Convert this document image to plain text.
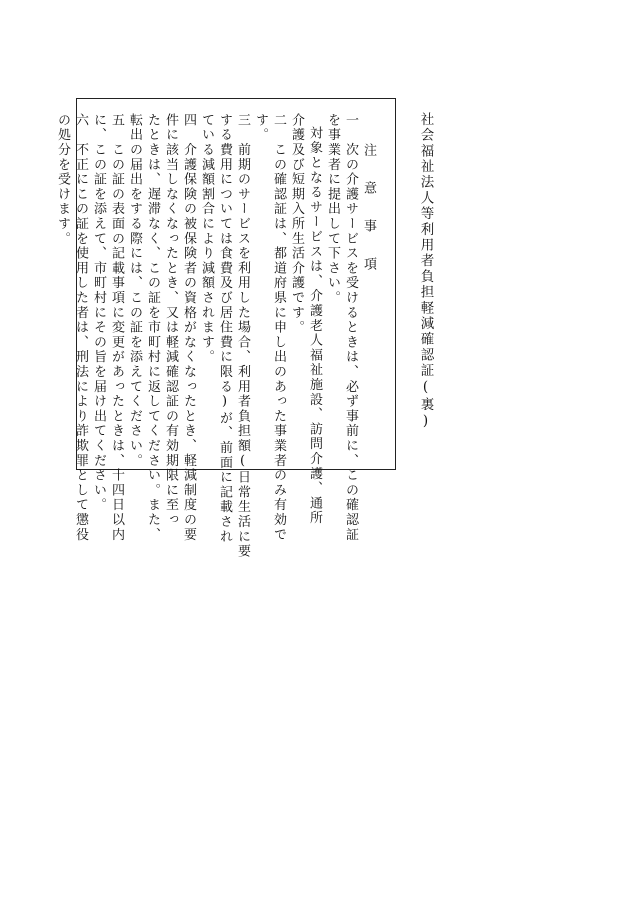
社会福祉法人等利用者負担軽減確認証(裏)
注 意 事 項
一　次の介護サービスを受けるときは、必ず事前に、この確認証
を事業者に提出して下さい。
対象となるサービスは、介護老人福祉施設、訪問介護、通所
介護及び短期入所生活介護です。
二　この確認証は、都道府県に申し出のあった事業者のみ有効で
す。
三　前期のサービスを利用した場合、利用者負担額(日常生活に要
する費用については食費及び居住費に限る)が、前面に記載され
ている減額割合により減額されます。
四　介護保険の被保険者の資格がなくなったとき、軽減制度の要
件に該当しなくなったとき、又は軽減確認証の有効期限に至っ
たときは、遅滞なく、この証を市町村に返してください。また、
転出の届出をする際には、この証を添えてください。
五　この証の表面の記載事項に変更があったときは、十四日以内
に、この証を添えて、市町村にその旨を届け出てください。
六　不正にこの証を使用した者は、刑法により詐欺罪として懲役
の処分を受けます。
